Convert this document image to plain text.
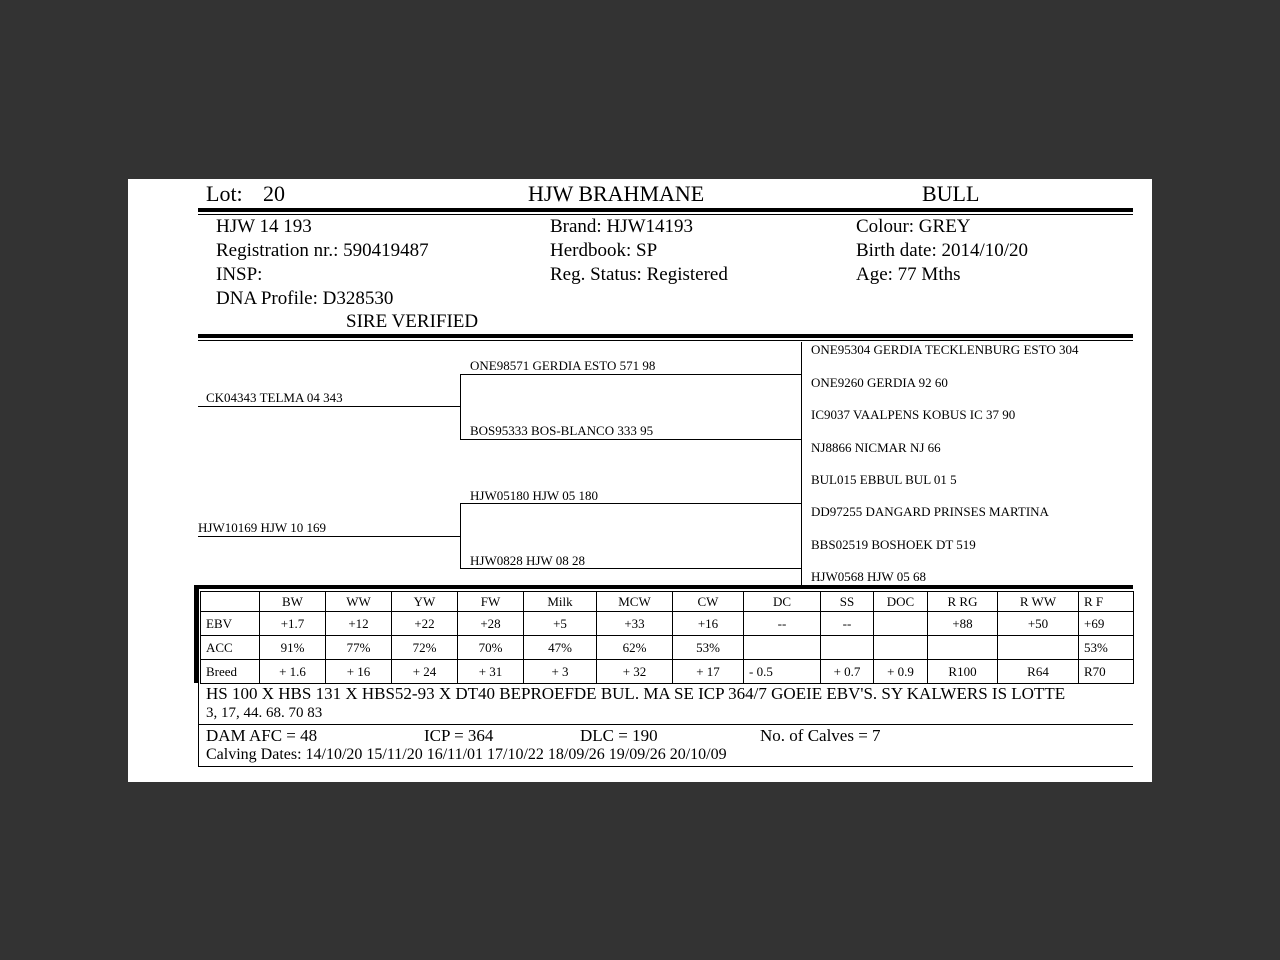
Lot: 20	HJW BRAHMANE	BULL
HJW 14 193
Registration nr.: 590419487
INSP:
DNA Profile: D328530
SIRE VERIFIED
Brand: HJW14193
Herdbook: SP
Reg. Status: Registered
Colour: GREY
Birth date: 2014/10/20
Age: 77 Mths
CK04343 TELMA 04 343
HJW10169 HJW 10 169
ONE98571 GERDIA ESTO 571 98
BOS95333 BOS-BLANCO 333 95
HJW05180 HJW 05 180
HJW0828 HJW 08 28
ONE95304 GERDIA TECKLENBURG ESTO 304
ONE9260 GERDIA 92 60
IC9037 VAALPENS KOBUS IC 37 90
NJ8866 NICMAR NJ 66
BUL015 EBBUL BUL 01 5
DD97255 DANGARD PRINSES MARTINA
BBS02519 BOSHOEK DT 519
HJW0568 HJW 05 68
	BW	WW	YW	FW	Milk	MCW	CW	DC	SS	DOC	R RG	R WW	R F
EBV	+1.7	+12	+22	+28	+5	+33	+16	--	--		+88	+50	+69
ACC	91%	77%	72%	70%	47%	62%	53%						53%
Breed	+ 1.6	+ 16	+ 24	+ 31	+ 3	+ 32	+ 17	- 0.5	+ 0.7	+ 0.9	R100	R64	R70
HS 100 X HBS 131 X HBS52-93 X DT40 BEPROEFDE BUL. MA SE ICP 364/7 GOEIE EBV'S. SY KALWERS IS LOTTE
3, 17, 44. 68. 70 83
DAM AFC = 48	ICP = 364	DLC = 190	No. of Calves = 7
Calving Dates: 14/10/20 15/11/20 16/11/01 17/10/22 18/09/26 19/09/26 20/10/09
